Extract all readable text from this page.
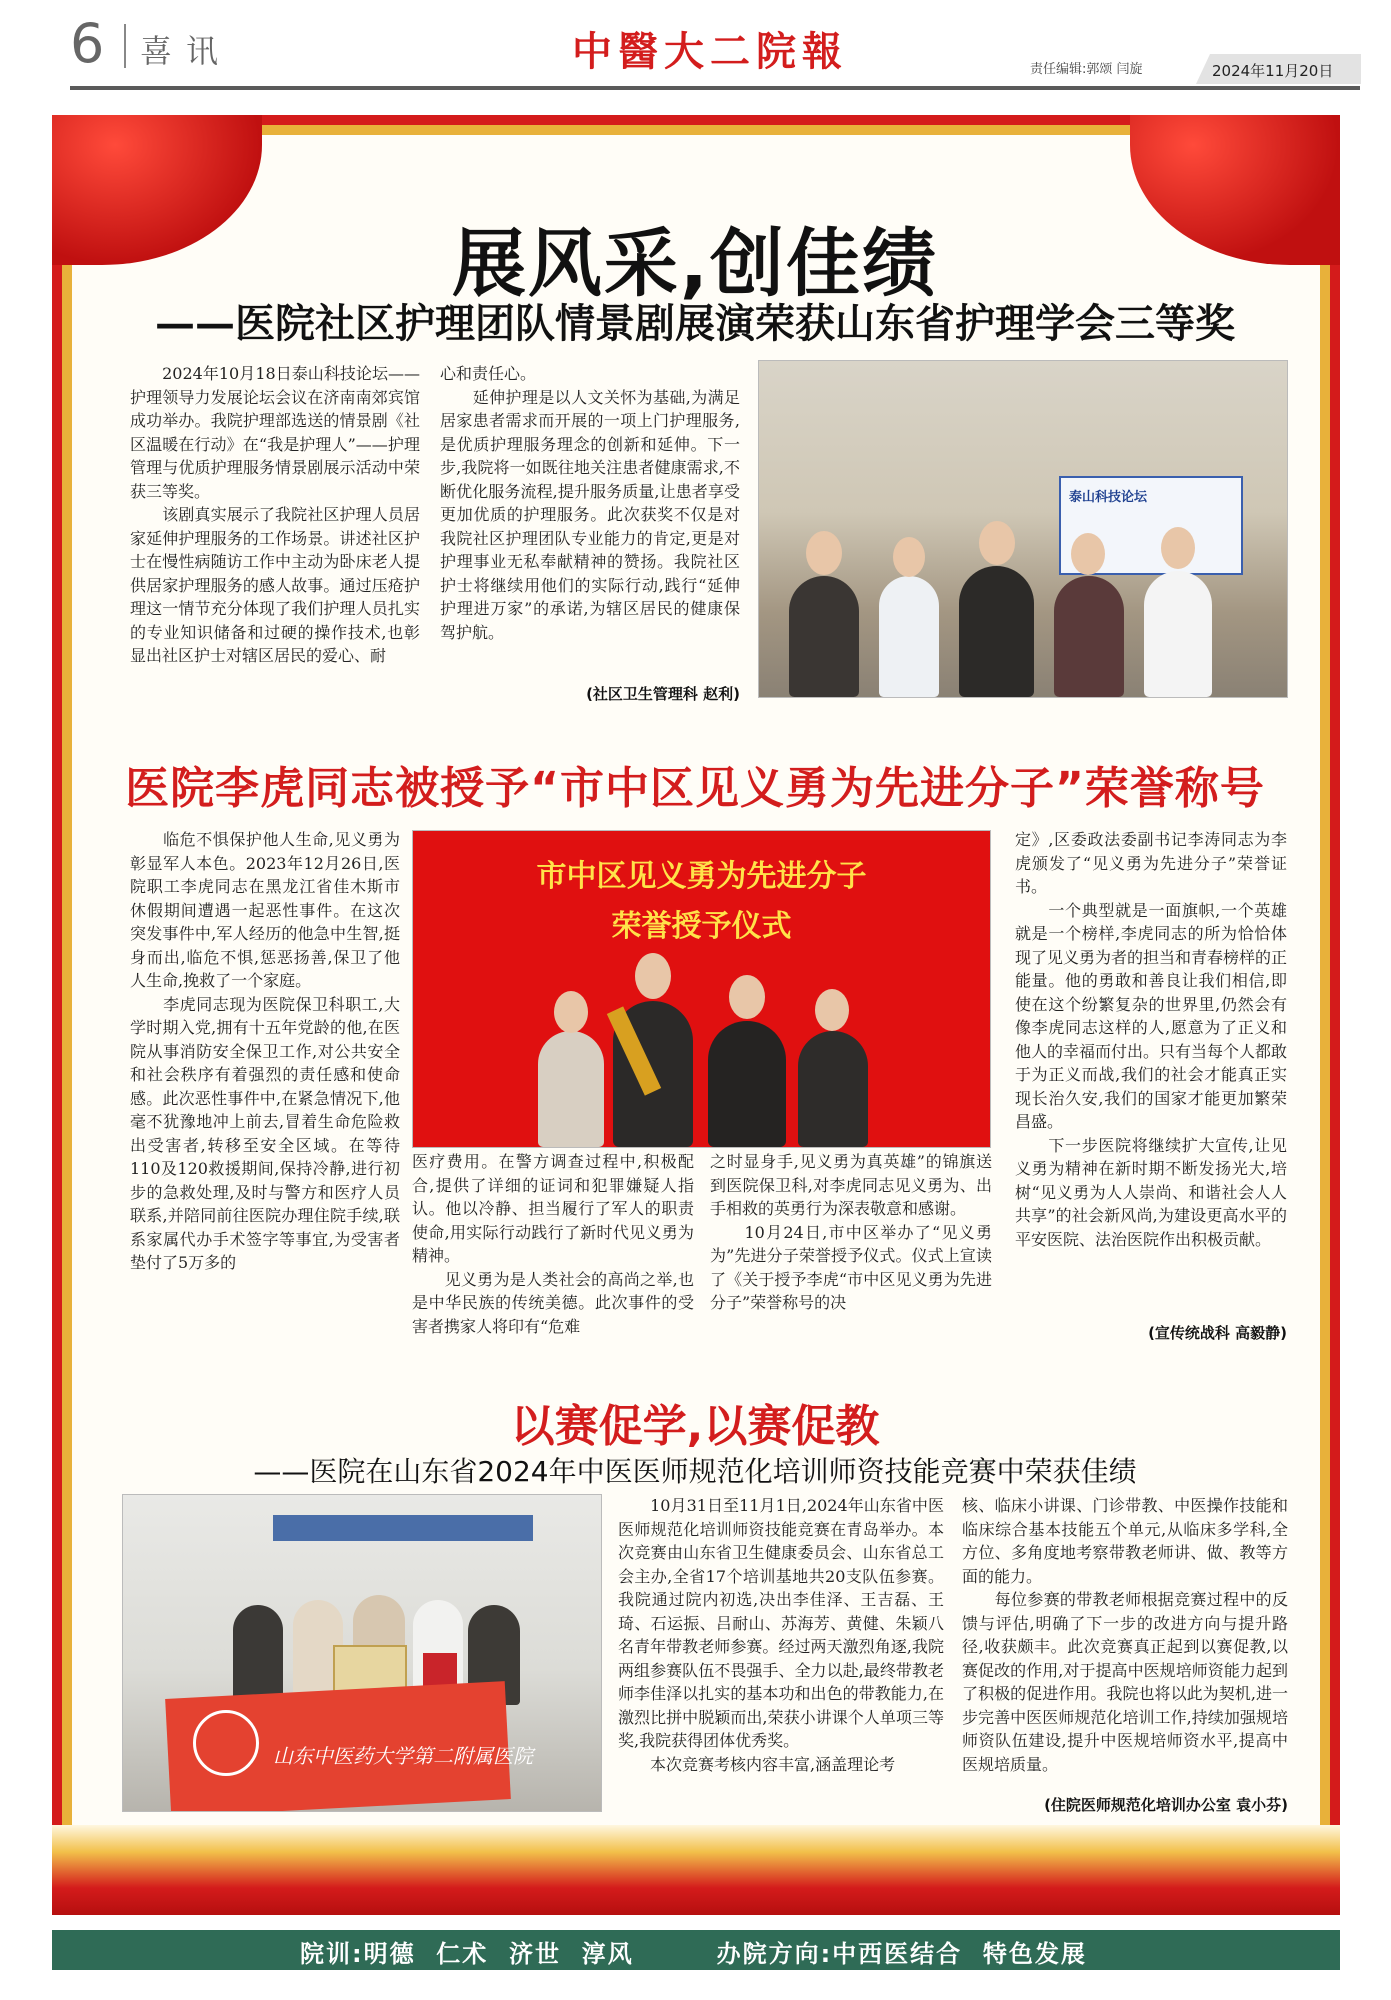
6 喜讯	中醫大二院報	责任编辑:郭颂 闫旋	2024年11月20日
展风采,创佳绩
——医院社区护理团队情景剧展演荣获山东省护理学会三等奖
　　2024年10月18日泰山科技论坛——护理领导力发展论坛会议在济南南郊宾馆成功举办。我院护理部选送的情景剧《社区温暖在行动》在“我是护理人”——护理管理与优质护理服务情景剧展示活动中荣获三等奖。
　　该剧真实展示了我院社区护理人员居家延伸护理服务的工作场景。讲述社区护士在慢性病随访工作中主动为卧床老人提供居家护理服务的感人故事。通过压疮护理这一情节充分体现了我们护理人员扎实的专业知识储备和过硬的操作技术,也彰显出社区护士对辖区居民的爱心、耐
心和责任心。
　　延伸护理是以人文关怀为基础,为满足居家患者需求而开展的一项上门护理服务,是优质护理服务理念的创新和延伸。下一步,我院将一如既往地关注患者健康需求,不断优化服务流程,提升服务质量,让患者享受更加优质的护理服务。此次获奖不仅是对我院社区护理团队专业能力的肯定,更是对护理事业无私奉献精神的赞扬。我院社区护士将继续用他们的实际行动,践行“延伸护理进万家”的承诺,为辖区居民的健康保驾护航。
(社区卫生管理科 赵利)
泰山科技论坛
医院李虎同志被授予“市中区见义勇为先进分子”荣誉称号
　　临危不惧保护他人生命,见义勇为彰显军人本色。2023年12月26日,医院职工李虎同志在黑龙江省佳木斯市休假期间遭遇一起恶性事件。在这次突发事件中,军人经历的他急中生智,挺身而出,临危不惧,惩恶扬善,保卫了他人生命,挽救了一个家庭。
　　李虎同志现为医院保卫科职工,大学时期入党,拥有十五年党龄的他,在医院从事消防安全保卫工作,对公共安全和社会秩序有着强烈的责任感和使命感。此次恶性事件中,在紧急情况下,他毫不犹豫地冲上前去,冒着生命危险救出受害者,转移至安全区域。在等待110及120救援期间,保持冷静,进行初步的急救处理,及时与警方和医疗人员联系,并陪同前往医院办理住院手续,联系家属代办手术签字等事宜,为受害者垫付了5万多的
市中区见义勇为先进分子
荣誉授予仪式
医疗费用。在警方调查过程中,积极配合,提供了详细的证词和犯罪嫌疑人指认。他以冷静、担当履行了军人的职责使命,用实际行动践行了新时代见义勇为精神。
　　见义勇为是人类社会的高尚之举,也是中华民族的传统美德。此次事件的受害者携家人将印有“危难
之时显身手,见义勇为真英雄”的锦旗送到医院保卫科,对李虎同志见义勇为、出手相救的英勇行为深表敬意和感谢。
　　10月24日,市中区举办了“见义勇为”先进分子荣誉授予仪式。仪式上宣读了《关于授予李虎“市中区见义勇为先进分子”荣誉称号的决
定》,区委政法委副书记李涛同志为李虎颁发了“见义勇为先进分子”荣誉证书。
　　一个典型就是一面旗帜,一个英雄就是一个榜样,李虎同志的所为恰恰体现了见义勇为者的担当和青春榜样的正能量。他的勇敢和善良让我们相信,即使在这个纷繁复杂的世界里,仍然会有像李虎同志这样的人,愿意为了正义和他人的幸福而付出。只有当每个人都敢于为正义而战,我们的社会才能真正实现长治久安,我们的国家才能更加繁荣昌盛。
　　下一步医院将继续扩大宣传,让见义勇为精神在新时期不断发扬光大,培树“见义勇为人人崇尚、和谐社会人人共享”的社会新风尚,为建设更高水平的平安医院、法治医院作出积极贡献。
(宣传统战科 高毅静)
以赛促学,以赛促教
——医院在山东省2024年中医医师规范化培训师资技能竞赛中荣获佳绩
山东中医药大学第二附属医院
　　10月31日至11月1日,2024年山东省中医医师规范化培训师资技能竞赛在青岛举办。本次竞赛由山东省卫生健康委员会、山东省总工会主办,全省17个培训基地共20支队伍参赛。我院通过院内初选,决出李佳泽、王吉磊、王琦、石运振、吕耐山、苏海芳、黄健、朱颖八名青年带教老师参赛。经过两天激烈角逐,我院两组参赛队伍不畏强手、全力以赴,最终带教老师李佳泽以扎实的基本功和出色的带教能力,在激烈比拼中脱颖而出,荣获小讲课个人单项三等奖,我院获得团体优秀奖。
　　本次竞赛考核内容丰富,涵盖理论考
核、临床小讲课、门诊带教、中医操作技能和临床综合基本技能五个单元,从临床多学科,全方位、多角度地考察带教老师讲、做、教等方面的能力。
　　每位参赛的带教老师根据竞赛过程中的反馈与评估,明确了下一步的改进方向与提升路径,收获颇丰。此次竞赛真正起到以赛促教,以赛促改的作用,对于提高中医规培师资能力起到了积极的促进作用。我院也将以此为契机,进一步完善中医医师规范化培训工作,持续加强规培师资队伍建设,提升中医规培师资水平,提高中医规培质量。
(住院医师规范化培训办公室 袁小芬)
院训:明德  仁术  济世  淳风        办院方向:中西医结合  特色发展
